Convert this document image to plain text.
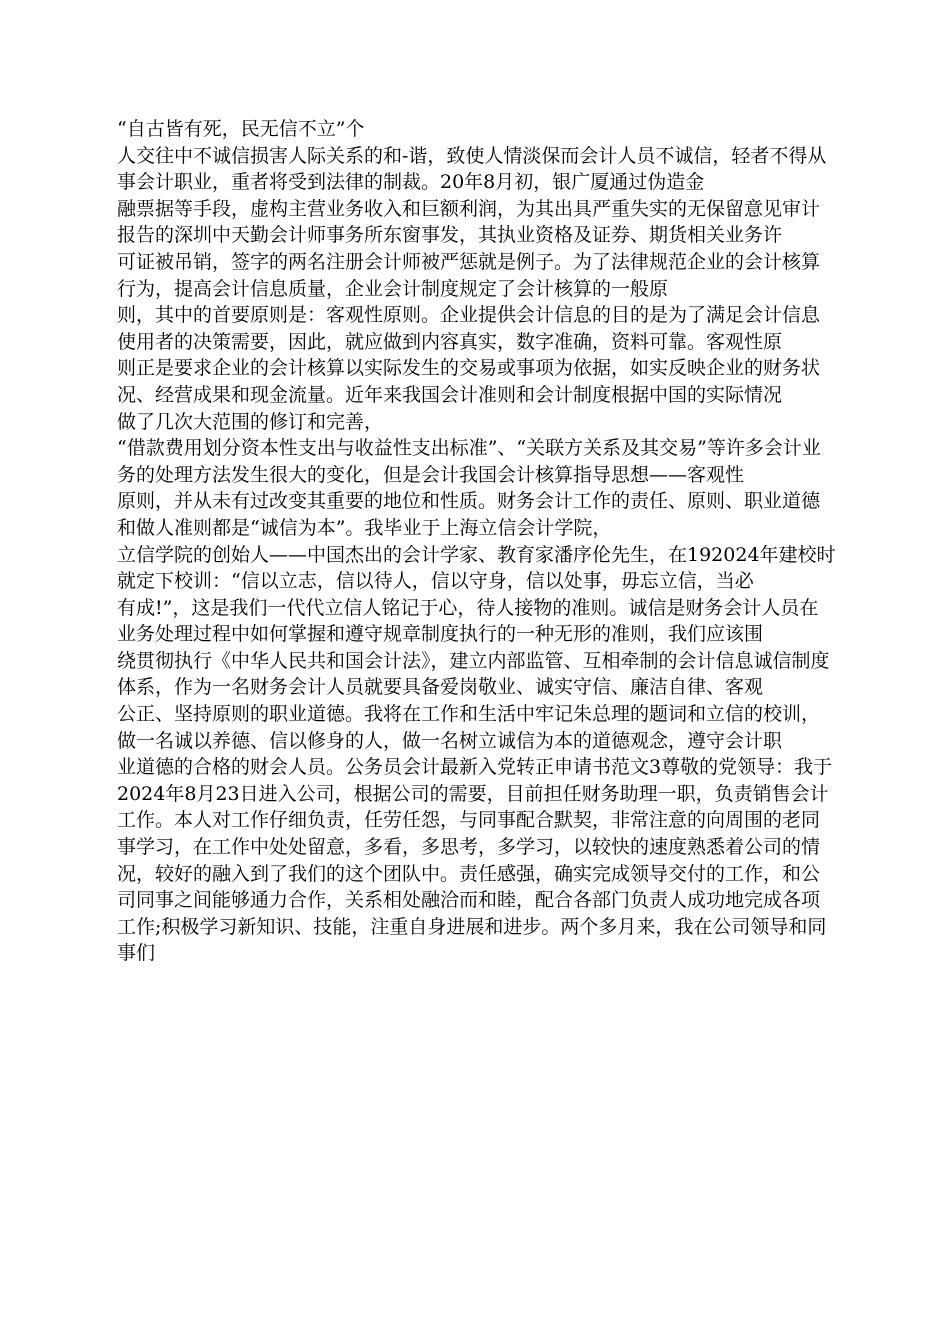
“自古皆有死，民无信不立”个

人交往中不诚信损害人际关系的和-谐，致使人情淡保而会计人员不诚信，轻者不得从事会计职业，重者将受到法律的制裁。20年8月初，银广厦通过伪造金

融票据等手段，虚构主营业务收入和巨额利润，为其出具严重失实的无保留意见审计报告的深圳中天勤会计师事务所东窗事发，其执业资格及证券、期货相关业务许

可证被吊销，签字的两名注册会计师被严惩就是例子。为了法律规范企业的会计核算行为，提高会计信息质量，企业会计制度规定了会计核算的一般原

则，其中的首要原则是：客观性原则。企业提供会计信息的目的是为了满足会计信息使用者的决策需要，因此，就应做到内容真实，数字准确，资料可靠。客观性原

则正是要求企业的会计核算以实际发生的交易或事项为依据，如实反映企业的财务状况、经营成果和现金流量。近年来我国会计准则和会计制度根据中国的实际情况

做了几次大范围的修订和完善，

“借款费用划分资本性支出与收益性支出标准”、“关联方关系及其交易”等许多会计业务的处理方法发生很大的变化，但是会计我国会计核算指导思想——客观性

原则，并从未有过改变其重要的地位和性质。财务会计工作的责任、原则、职业道德和做人准则都是“诚信为本”。我毕业于上海立信会计学院，

立信学院的创始人——中国杰出的会计学家、教育家潘序伦先生，在192024年建校时就定下校训：“信以立志，信以待人，信以守身，信以处事，毋忘立信，当必

有成!”，这是我们一代代立信人铭记于心，待人接物的准则。诚信是财务会计人员在业务处理过程中如何掌握和遵守规章制度执行的一种无形的准则，我们应该围

绕贯彻执行《中华人民共和国会计法》，建立内部监管、互相牵制的会计信息诚信制度体系，作为一名财务会计人员就要具备爱岗敬业、诚实守信、廉洁自律、客观

公正、坚持原则的职业道德。我将在工作和生活中牢记朱总理的题词和立信的校训，做一名诚以养德、信以修身的人，做一名树立诚信为本的道德观念，遵守会计职

业道德的合格的财会人员。公务员会计最新入党转正申请书范文3尊敬的党领导：我于2024年8月23日进入公司，根据公司的需要，目前担任财务助理一职，负责销售会计工作。本人对工作仔细负责，任劳任怨，与同事配合默契，非常注意的向周围的老同事学习，在工作中处处留意，多看，多思考，多学习，以较快的速度熟悉着公司的情况，较好的融入到了我们的这个团队中。责任感强，确实完成领导交付的工作，和公司同事之间能够通力合作，关系相处融洽而和睦，配合各部门负责人成功地完成各项工作;积极学习新知识、技能，注重自身进展和进步。两个多月来，我在公司领导和同事们
